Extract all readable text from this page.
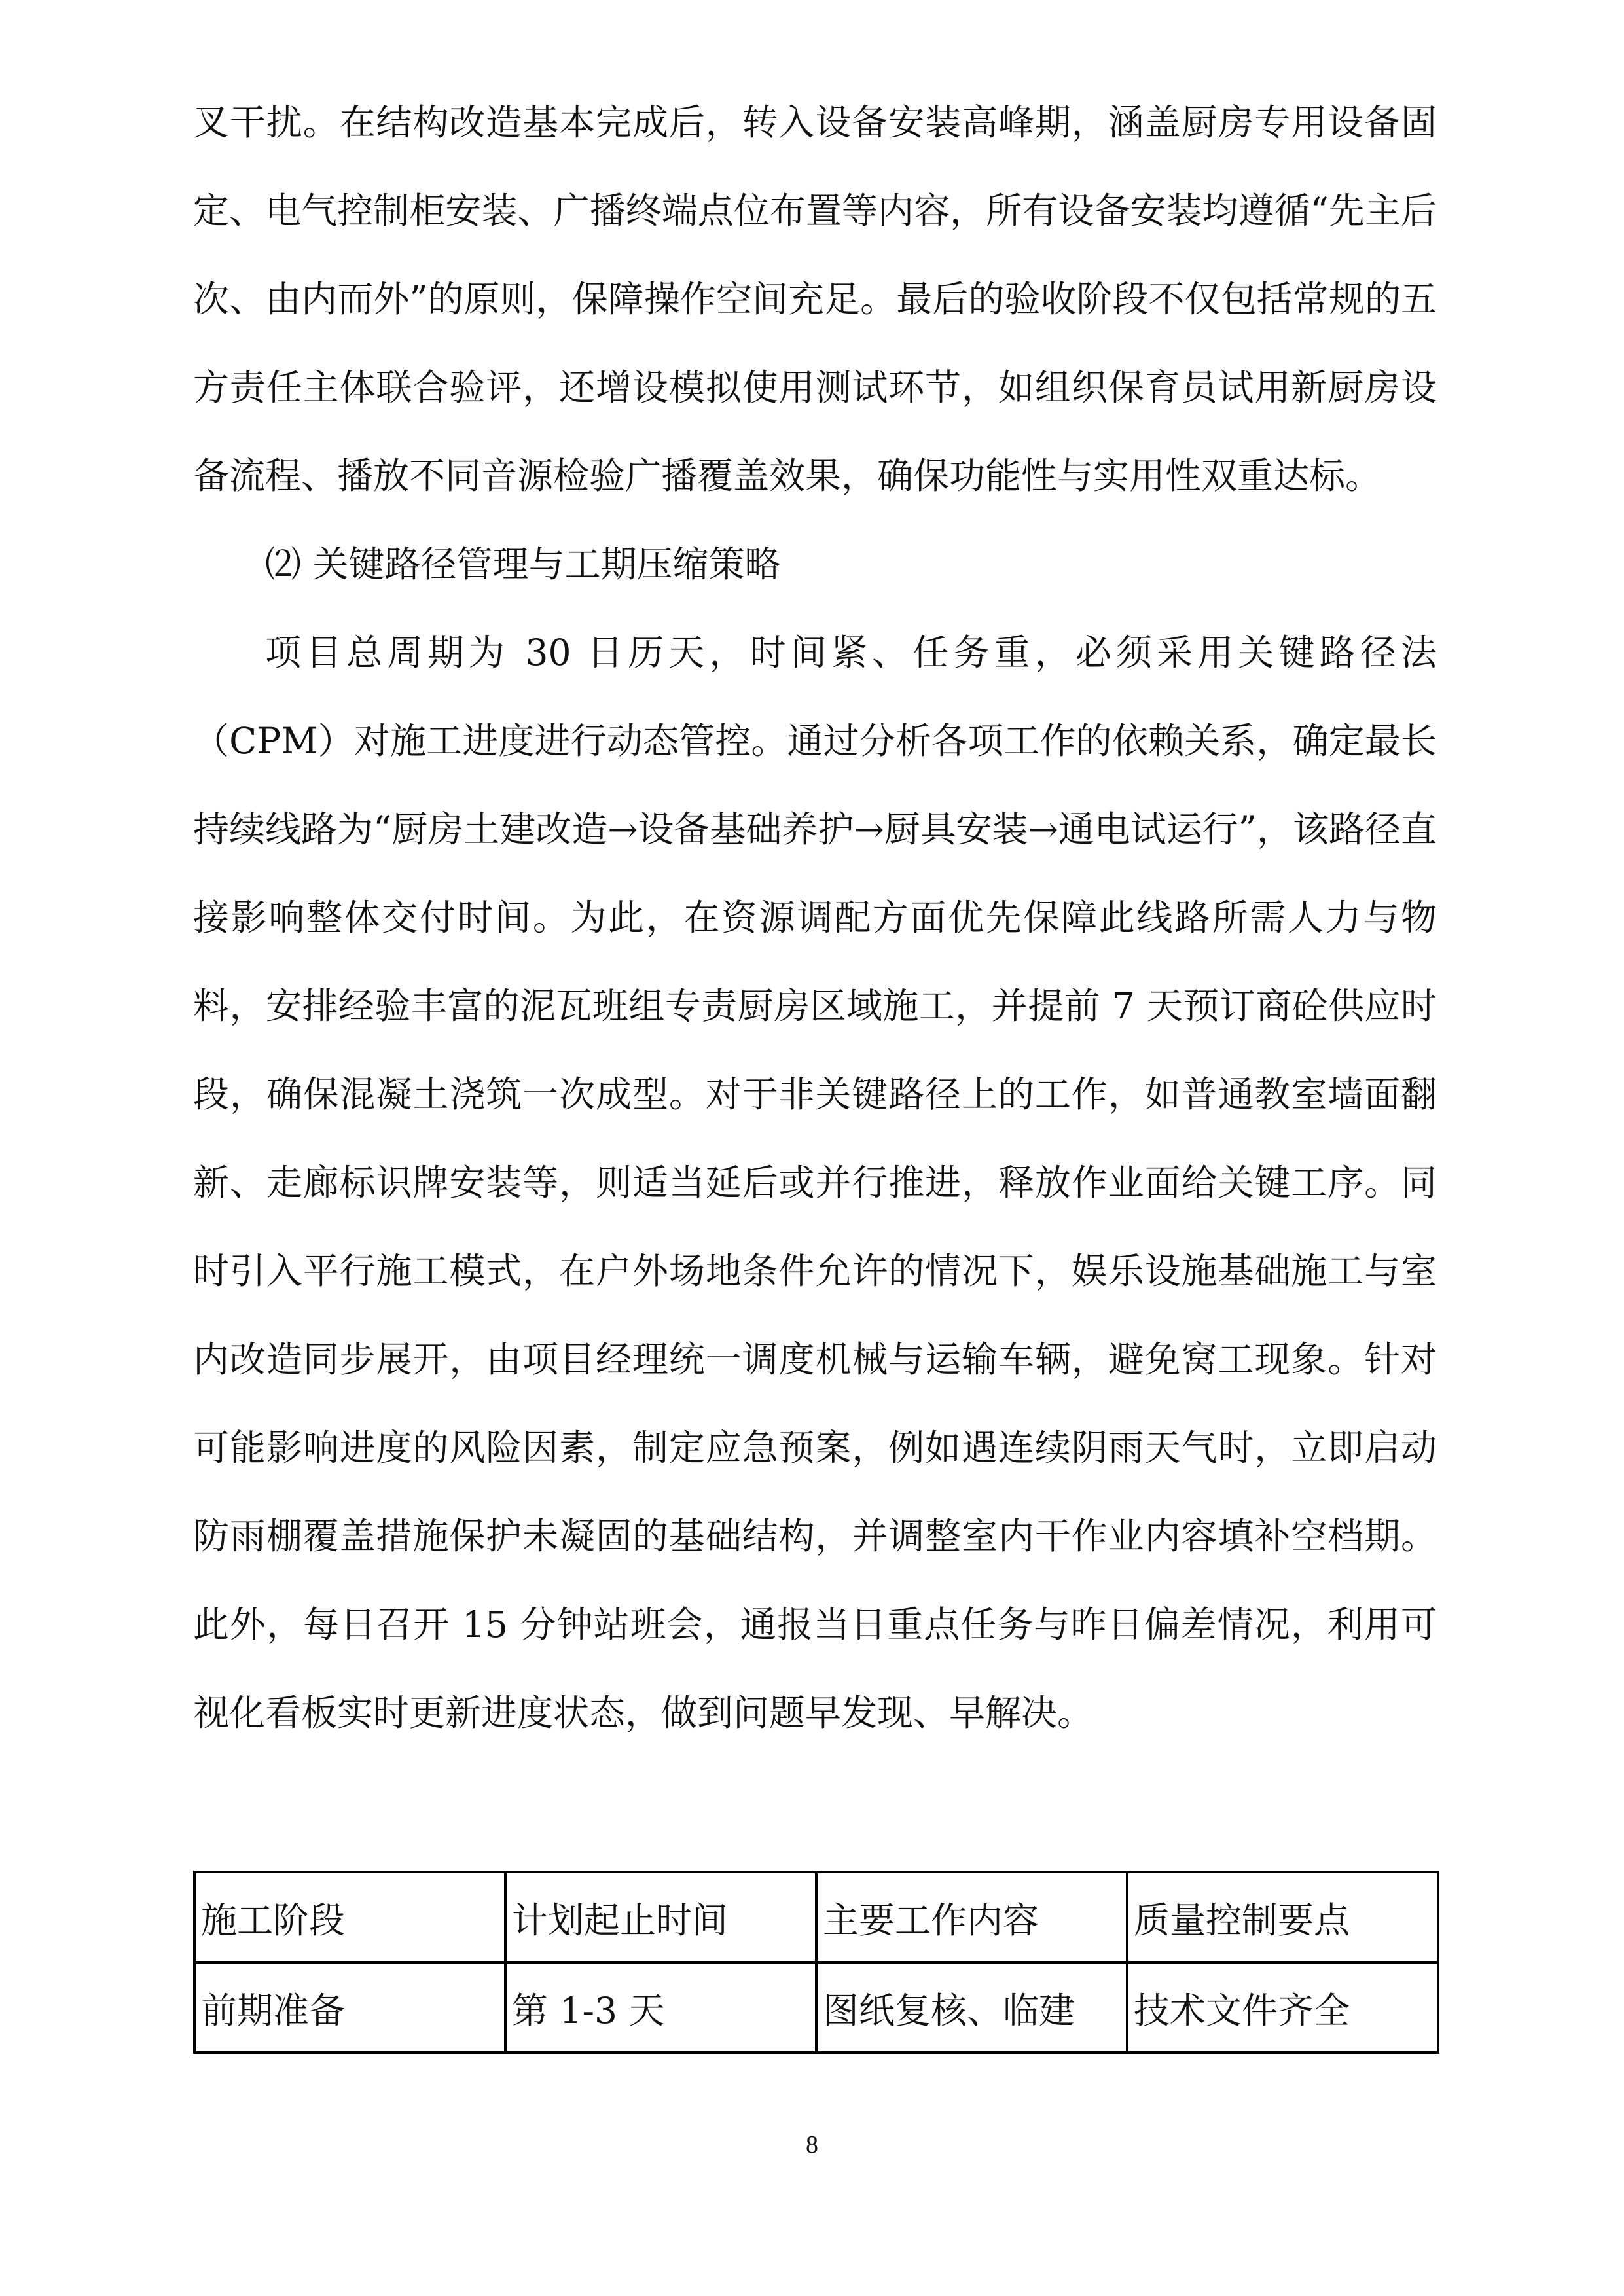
叉干扰。在结构改造基本完成后，转入设备安装高峰期，涵盖厨房专用设备固定、电气控制柜安装、广播终端点位布置等内容，所有设备安装均遵循“先主后次、由内而外”的原则，保障操作空间充足。最后的验收阶段不仅包括常规的五方责任主体联合验评，还增设模拟使用测试环节，如组织保育员试用新厨房设备流程、播放不同音源检验广播覆盖效果，确保功能性与实用性双重达标。

⑵ 关键路径管理与工期压缩策略

项目总周期为 30 日历天，时间紧、任务重，必须采用关键路径法（CPM）对施工进度进行动态管控。通过分析各项工作的依赖关系，确定最长持续线路为“厨房土建改造→设备基础养护→厨具安装→通电试运行”，该路径直接影响整体交付时间。为此，在资源调配方面优先保障此线路所需人力与物料，安排经验丰富的泥瓦班组专责厨房区域施工，并提前 7 天预订商砼供应时段，确保混凝土浇筑一次成型。对于非关键路径上的工作，如普通教室墙面翻新、走廊标识牌安装等，则适当延后或并行推进，释放作业面给关键工序。同时引入平行施工模式，在户外场地条件允许的情况下，娱乐设施基础施工与室内改造同步展开，由项目经理统一调度机械与运输车辆，避免窝工现象。针对可能影响进度的风险因素，制定应急预案，例如遇连续阴雨天气时，立即启动防雨棚覆盖措施保护未凝固的基础结构，并调整室内干作业内容填补空档期。此外，每日召开 15 分钟站班会，通报当日重点任务与昨日偏差情况，利用可视化看板实时更新进度状态，做到问题早发现、早解决。

施工阶段	计划起止时间	主要工作内容	质量控制要点
前期准备	第 1-3 天	图纸复核、临建	技术文件齐全
8
